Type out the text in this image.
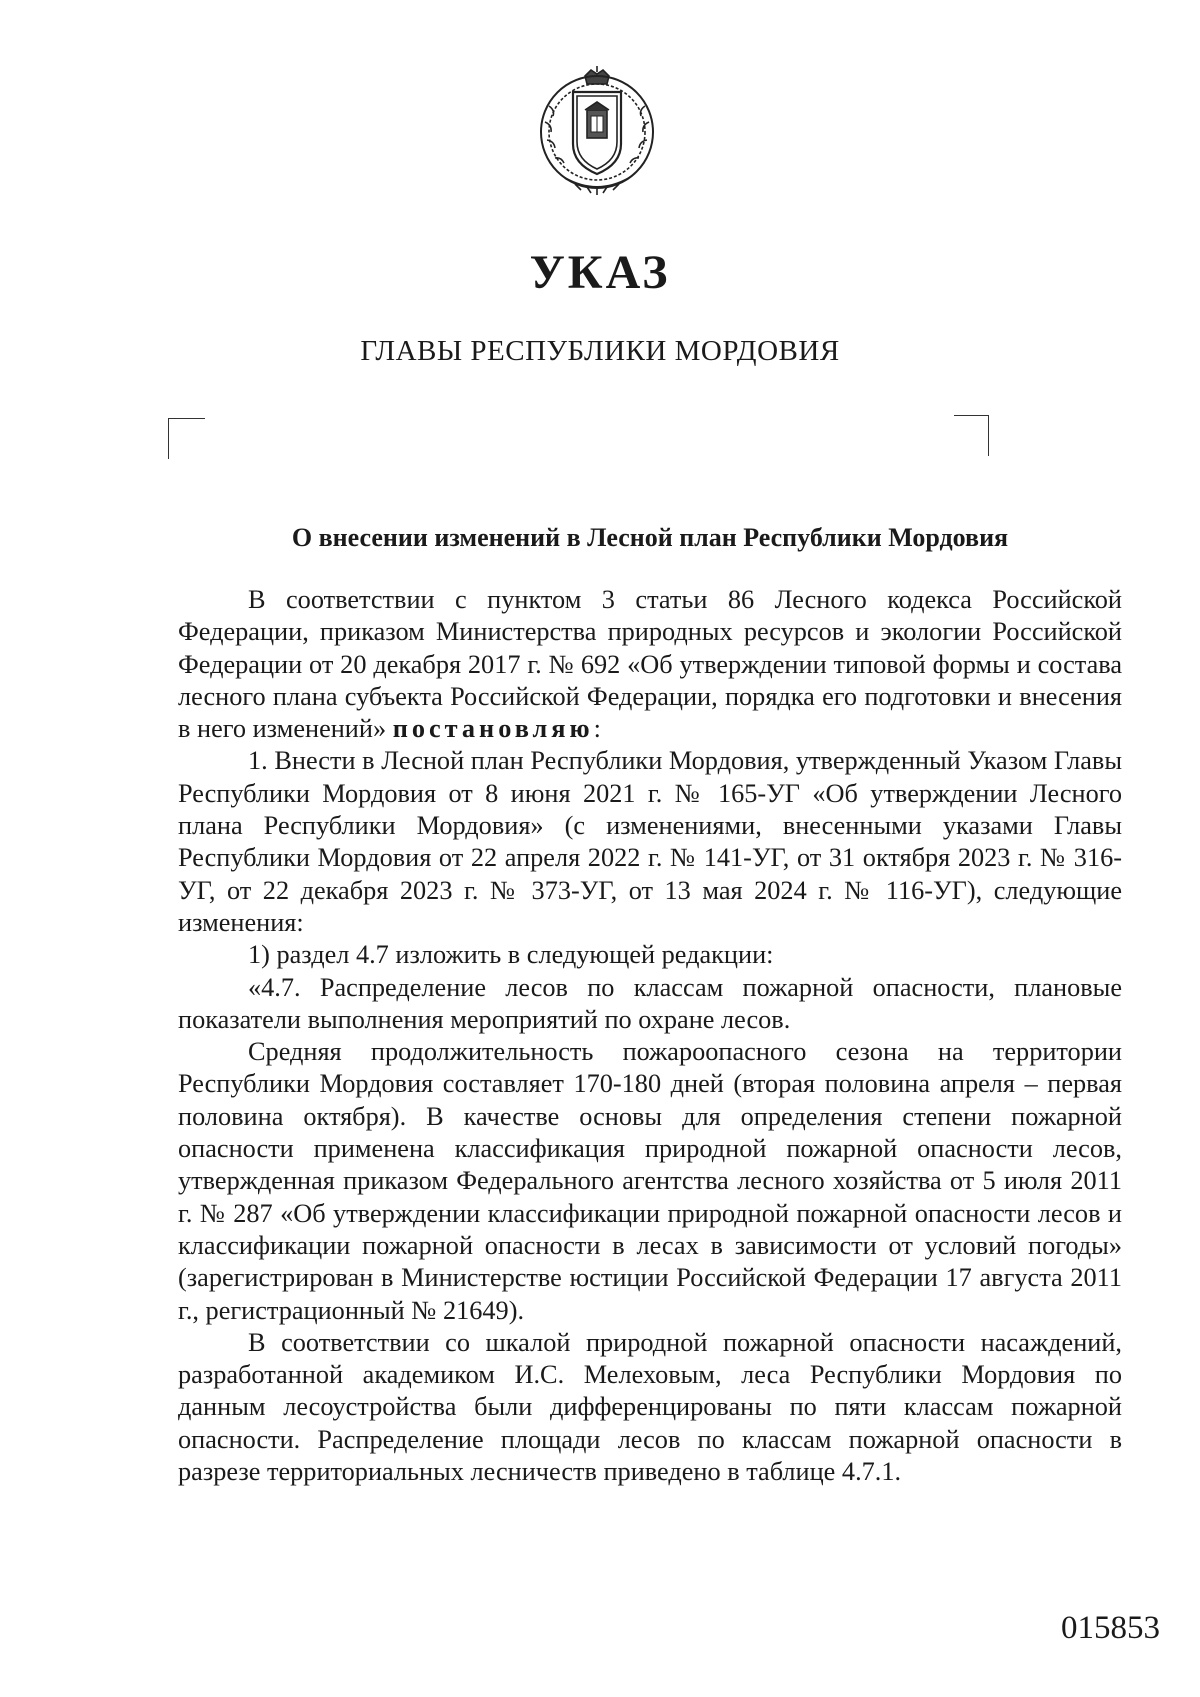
УКАЗ
ГЛАВЫ РЕСПУБЛИКИ МОРДОВИЯ
О внесении изменений в Лесной план Республики Мордовия

В соответствии с пунктом 3 статьи 86 Лесного кодекса Российской Федерации, приказом Министерства природных ресурсов и экологии Российской Федерации от 20 декабря 2017 г. № 692 «Об утверждении типовой формы и состава лесного плана субъекта Российской Федерации, порядка его подготовки и внесения в него изменений» постановляю:

1. Внести в Лесной план Республики Мордовия, утвержденный Указом Главы Республики Мордовия от 8 июня 2021 г. № 165-УГ «Об утверждении Лесного плана Республики Мордовия» (с изменениями, внесенными указами Главы Республики Мордовия от 22 апреля 2022 г. № 141-УГ, от 31 октября 2023 г. № 316-УГ, от 22 декабря 2023 г. № 373-УГ, от 13 мая 2024 г. № 116-УГ), следующие изменения:

1) раздел 4.7 изложить в следующей редакции:

«4.7. Распределение лесов по классам пожарной опасности, плановые показатели выполнения мероприятий по охране лесов.

Средняя продолжительность пожароопасного сезона на территории Республики Мордовия составляет 170-180 дней (вторая половина апреля – первая половина октября). В качестве основы для определения степени пожарной опасности применена классификация природной пожарной опасности лесов, утвержденная приказом Федерального агентства лесного хозяйства от 5 июля 2011 г. № 287 «Об утверждении классификации природной пожарной опасности лесов и классификации пожарной опасности в лесах в зависимости от условий погоды» (зарегистрирован в Министерстве юстиции Российской Федерации 17 августа 2011 г., регистрационный № 21649).

В соответствии со шкалой природной пожарной опасности насаждений, разработанной академиком И.С. Мелеховым, леса Республики Мордовия по данным лесоустройства были дифференцированы по пяти классам пожарной опасности. Распределение площади лесов по классам пожарной опасности в разрезе территориальных лесничеств приведено в таблице 4.7.1.

015853
